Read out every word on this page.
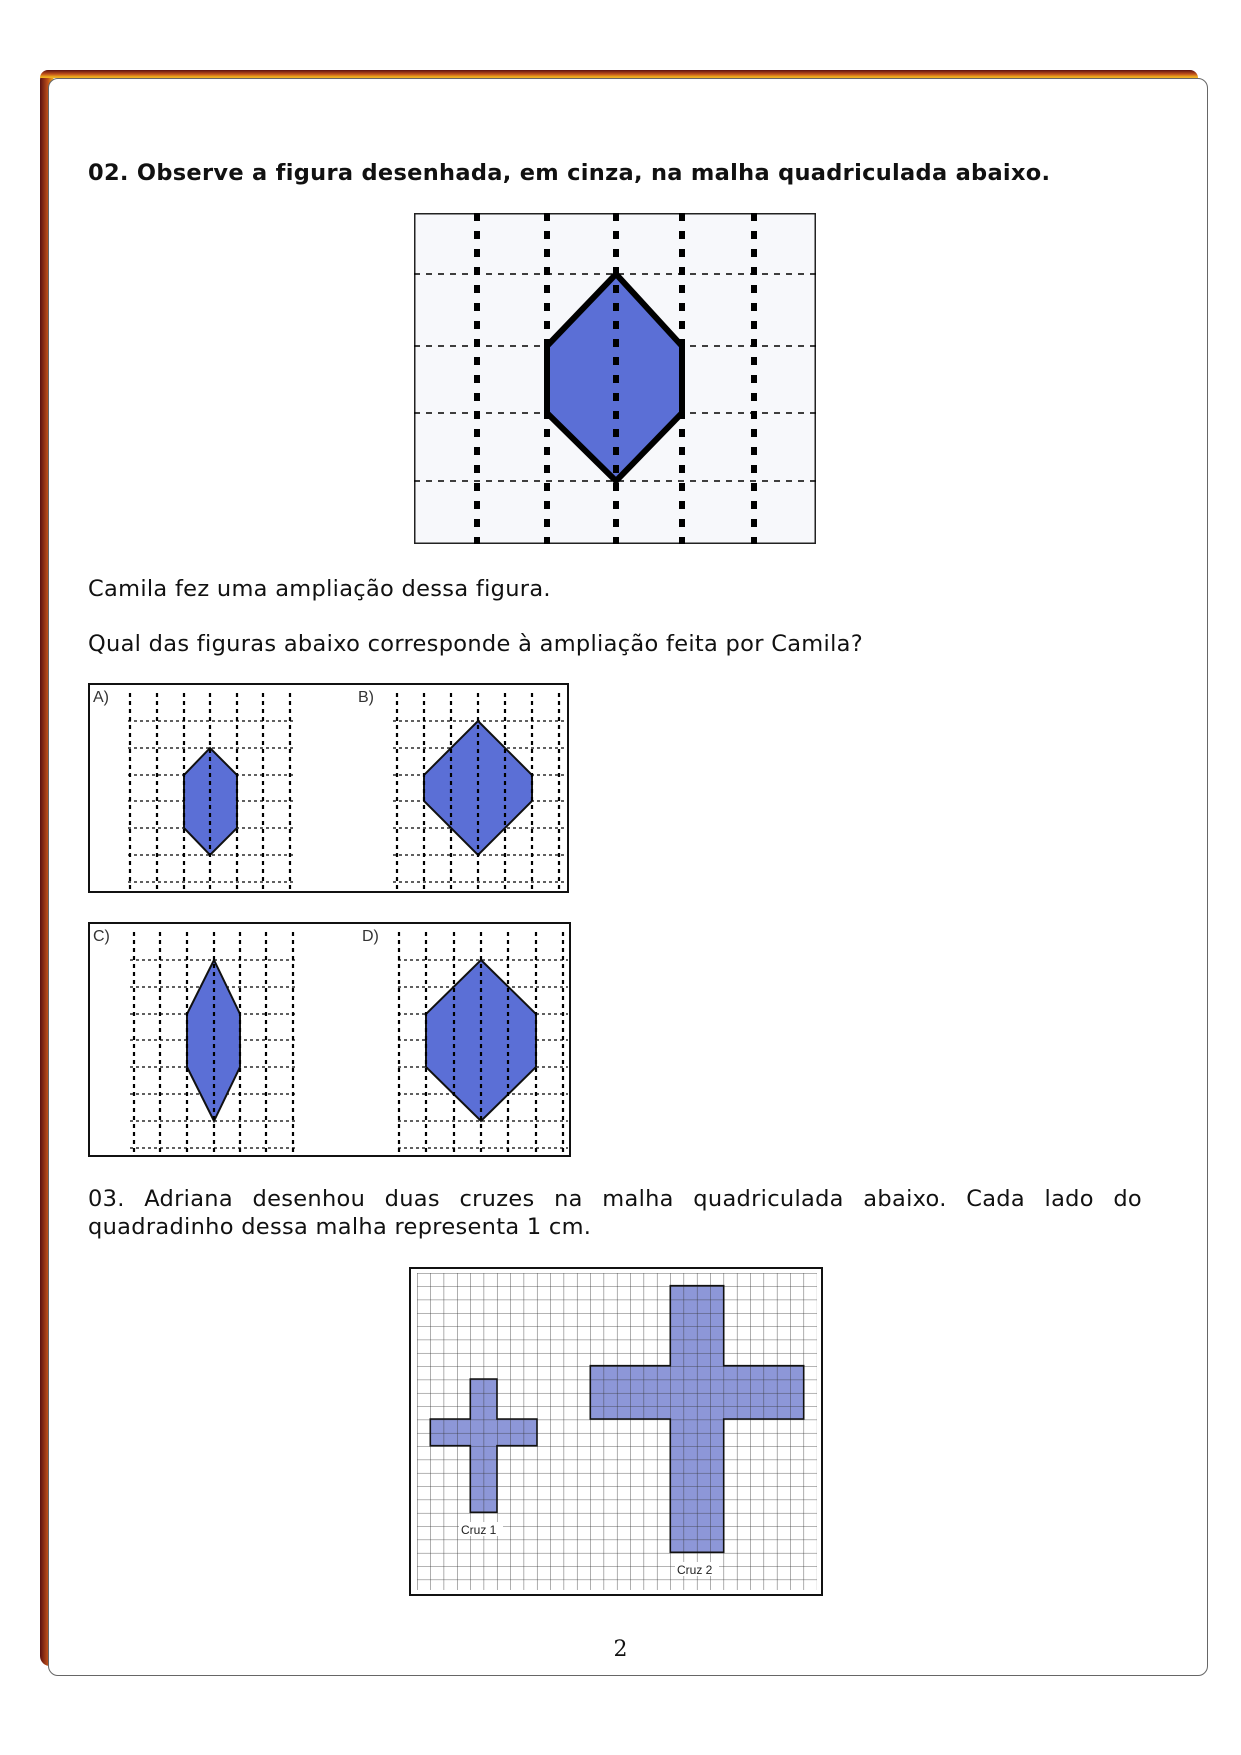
02. Observe a figura desenhada, em cinza, na malha quadriculada abaixo.
Camila fez uma ampliação dessa figura.
Qual das figuras abaixo corresponde à ampliação feita por Camila?
A)	B)
C)	D)
03. Adriana desenhou duas cruzes na malha quadriculada abaixo. Cada lado do quadradinho dessa malha representa 1 cm.
Cruz 1
Cruz 2
2
